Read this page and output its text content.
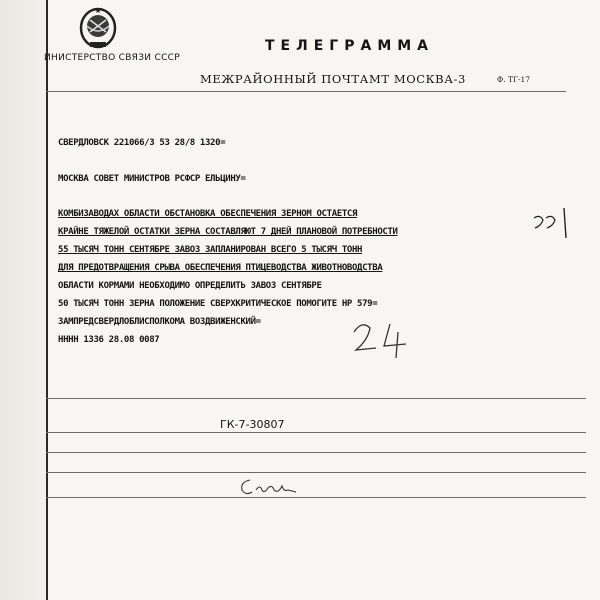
ИНИСТЕРСТВО СВЯЗИ СССР
ТЕЛЕГРАММА
МЕЖРАЙОННЫЙ ПОЧТАМТ МОСКВА-3	Ф. ТГ-17
СВЕРДЛОВСК 221066/3 53 28/8 1320=
МОСКВА СОВЕТ МИНИСТРОВ РСФСР ЕЛЬЦИНУ=
КОМБИЗАВОДАХ ОБЛАСТИ ОБСТАНОВКА ОБЕСПЕЧЕНИЯ ЗЕРНОМ ОСТАЕТСЯ
КРАЙНЕ ТЯЖЕЛОЙ ОСТАТКИ ЗЕРНА СОСТАВЛЯЮТ 7 ДНЕЙ ПЛАНОВОЙ ПОТРЕБНОСТИ
55 ТЫСЯЧ ТОНН СЕНТЯБРЕ ЗАВОЗ ЗАПЛАНИРОВАН ВСЕГО 5 ТЫСЯЧ ТОНН
ДЛЯ ПРЕДОТВРАЩЕНИЯ СРЫВА ОБЕСПЕЧЕНИЯ ПТИЦЕВОДСТВА ЖИВОТНОВОДСТВА
ОБЛАСТИ КОРМАМИ НЕОБХОДИМО ОПРЕДЕЛИТЬ ЗАВОЗ СЕНТЯБРЕ
50 ТЫСЯЧ ТОНН ЗЕРНА ПОЛОЖЕНИЕ СВЕРХКРИТИЧЕСКОЕ ПОМОГИТЕ НР 579=
ЗАМПРЕДСВЕРДЛОБЛИСПОЛКОМА ВОЗДВИЖЕНСКИЙ=
НННН 1336 28.08 0087
ГК-7-30807
